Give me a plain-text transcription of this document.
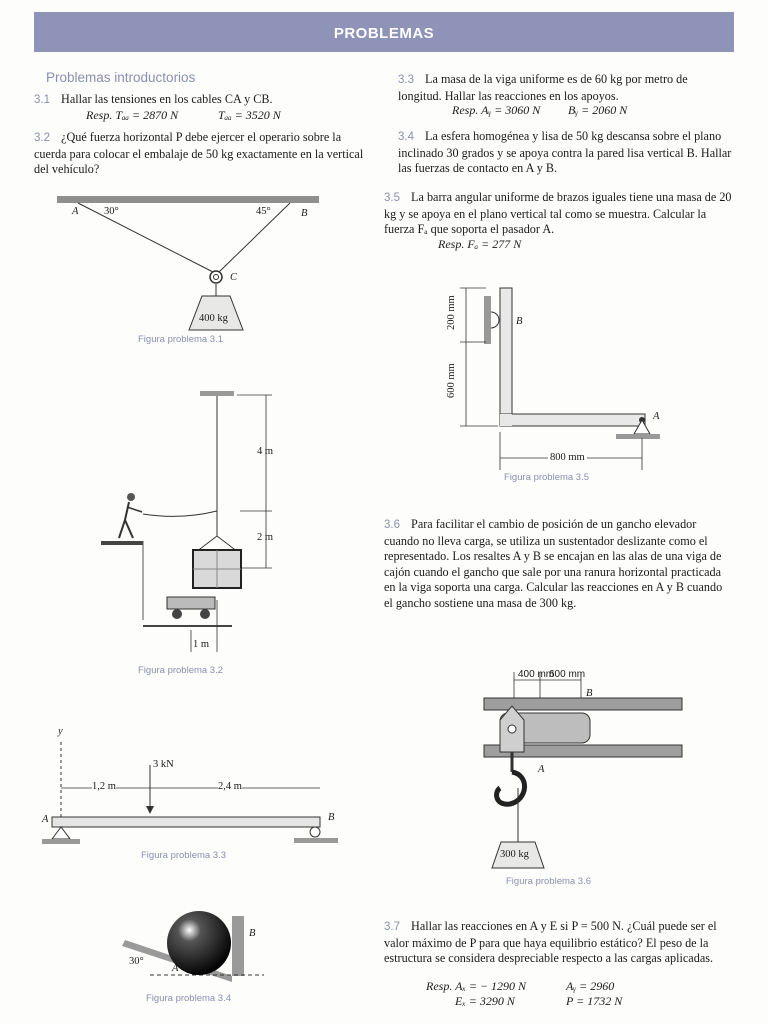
PROBLEMAS
Problemas introductorios
3.1 Hallar las tensiones en los cables CA y CB.
Resp. Tₐₐ = 2870 N	Tₐₐ = 3520 N
3.2 ¿Qué fuerza horizontal P debe ejercer el operario sobre la cuerda para colocar el embalaje de 50 kg exactamente en la vertical del vehículo?
A 30°	45°	B
C
400 kg
Figura problema 3.1
4 m
2 m
1 m
Figura problema 3.2
y
3 kN
1,2 m	2,4 m
A	B
Figura problema 3.3
30°
A
B
Figura problema 3.4
3.3 La masa de la viga uniforme es de 60 kg por metro de longitud. Hallar las reacciones en los apoyos.
Resp. Aᵧ = 3060 N Bᵧ = 2060 N
3.4 La esfera homogénea y lisa de 50 kg descansa sobre el plano inclinado 30 grados y se apoya contra la pared lisa vertical B. Hallar las fuerzas de contacto en A y B.
3.5 La barra angular uniforme de brazos iguales tiene una masa de 20 kg y se apoya en el plano vertical tal como se muestra. Calcular la fuerza Fₐ que soporta el pasador A.
Resp. Fₐ = 277 N
200 mm
600 mm
B
A
800 mm
Figura problema 3.5
3.6 Para facilitar el cambio de posición de un gancho elevador cuando no lleva carga, se utiliza un sustentador deslizante como el representado. Los resaltes A y B se encajan en las alas de una viga de cajón cuando el gancho que sale por una ranura horizontal practicada en la viga soporta una carga. Calcular las reacciones en A y B cuando el gancho sostiene una masa de 300 kg.
400 mm
600 mm
B
A
300 kg
Figura problema 3.6
3.7 Hallar las reacciones en A y E si P = 500 N. ¿Cuál puede ser el valor máximo de P para que haya equilibrio estático? El peso de la estructura se considera despreciable respecto a las cargas aplicadas.
Resp. Aₓ = − 1290 N	Aᵧ = 2960
Eₓ = 3290 N	P = 1732 N
